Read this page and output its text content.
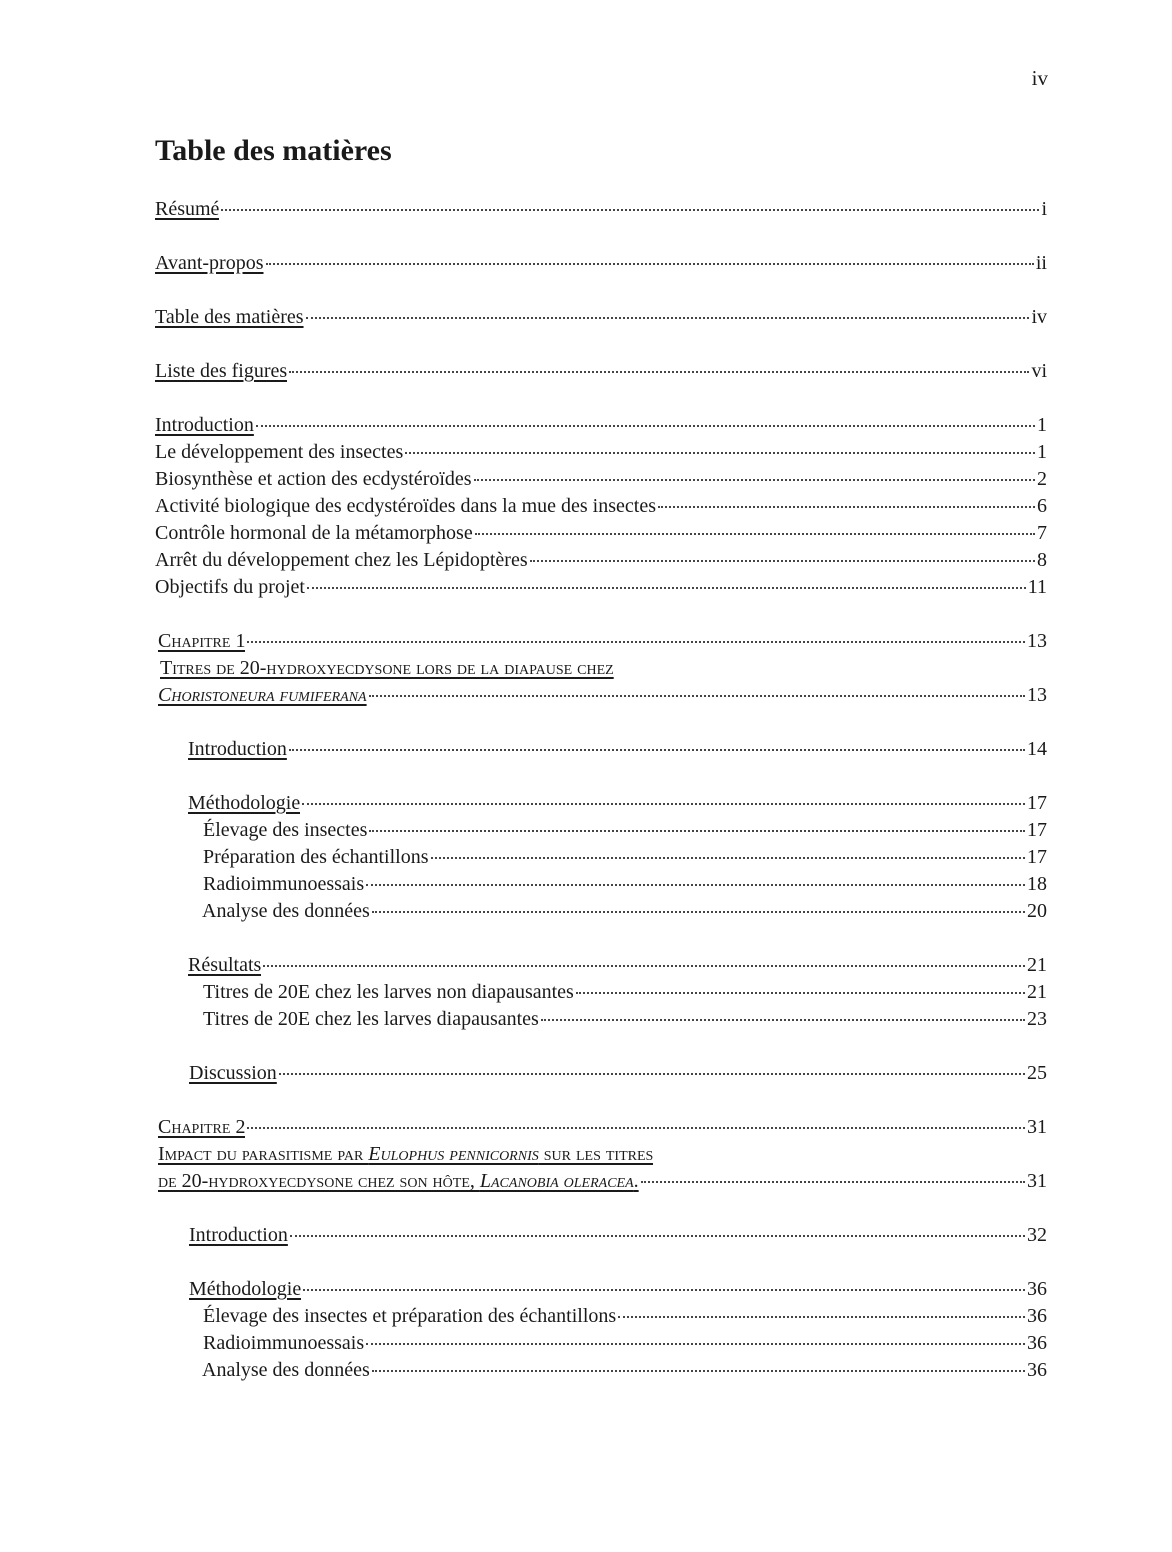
iv
Table des matières
Résumé	i
Avant-propos	ii
Table des matières	iv
Liste des figures	vi
Introduction	1
Le développement des insectes	1
Biosynthèse et action des ecdystéroïdes	2
Activité biologique des ecdystéroïdes dans la mue des insectes	6
Contrôle hormonal de la métamorphose	7
Arrêt du développement chez les Lépidoptères	8
Objectifs du projet	11
Chapitre 1	13
Titres de 20-hydroxyecdysone lors de la diapause chez
Choristoneura fumiferana	13
Introduction	14
Méthodologie	17
Élevage des insectes	17
Préparation des échantillons	17
Radioimmunoessais	18
Analyse des données	20
Résultats	21
Titres de 20E chez les larves non diapausantes	21
Titres de 20E chez les larves diapausantes	23
Discussion	25
Chapitre 2	31
Impact du parasitisme par Eulophus pennicornis sur les titres
de 20-hydroxyecdysone chez son hôte, Lacanobia oleracea.	31
Introduction	32
Méthodologie	36
Élevage des insectes et préparation des échantillons	36
Radioimmunoessais	36
Analyse des données	36
